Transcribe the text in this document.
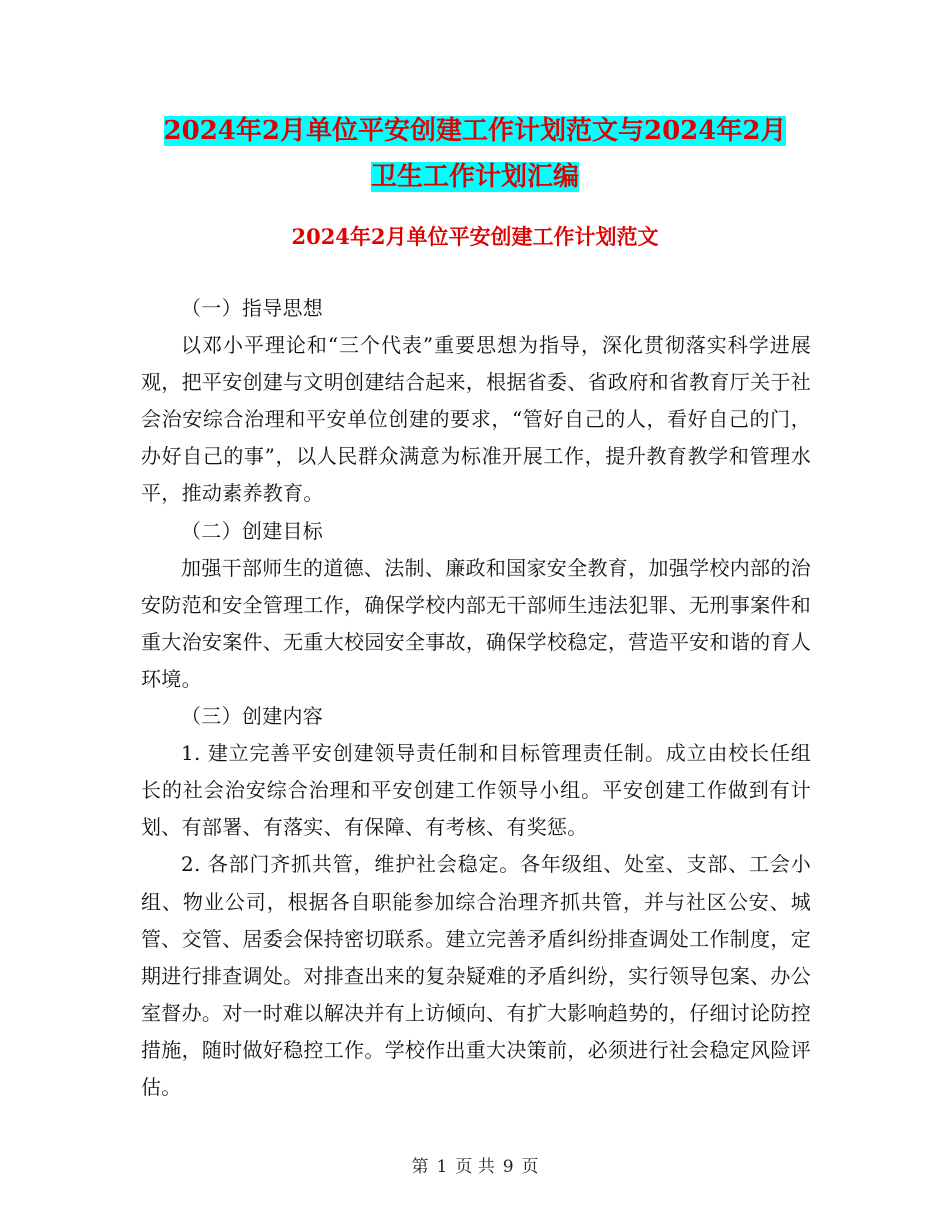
2024年2月单位平安创建工作计划范文与2024年2月
卫生工作计划汇编
2024年2月单位平安创建工作计划范文

（一）指导思想

以邓小平理论和“三个代表”重要思想为指导，深化贯彻落实科学进展观，把平安创建与文明创建结合起来，根据省委、省政府和省教育厅关于社会治安综合治理和平安单位创建的要求，“管好自己的人，看好自己的门，办好自己的事”，以人民群众满意为标准开展工作，提升教育教学和管理水平，推动素养教育。

（二）创建目标

加强干部师生的道德、法制、廉政和国家安全教育，加强学校内部的治安防范和安全管理工作，确保学校内部无干部师生违法犯罪、无刑事案件和重大治安案件、无重大校园安全事故，确保学校稳定，营造平安和谐的育人环境。

（三）创建内容

1. 建立完善平安创建领导责任制和目标管理责任制。成立由校长任组长的社会治安综合治理和平安创建工作领导小组。平安创建工作做到有计划、有部署、有落实、有保障、有考核、有奖惩。

2. 各部门齐抓共管，维护社会稳定。各年级组、处室、支部、工会小组、物业公司，根据各自职能参加综合治理齐抓共管，并与社区公安、城管、交管、居委会保持密切联系。建立完善矛盾纠纷排查调处工作制度，定期进行排查调处。对排查出来的复杂疑难的矛盾纠纷，实行领导包案、办公室督办。对一时难以解决并有上访倾向、有扩大影响趋势的，仔细讨论防控措施，随时做好稳控工作。学校作出重大决策前，必须进行社会稳定风险评估。

第 1 页 共 9 页
